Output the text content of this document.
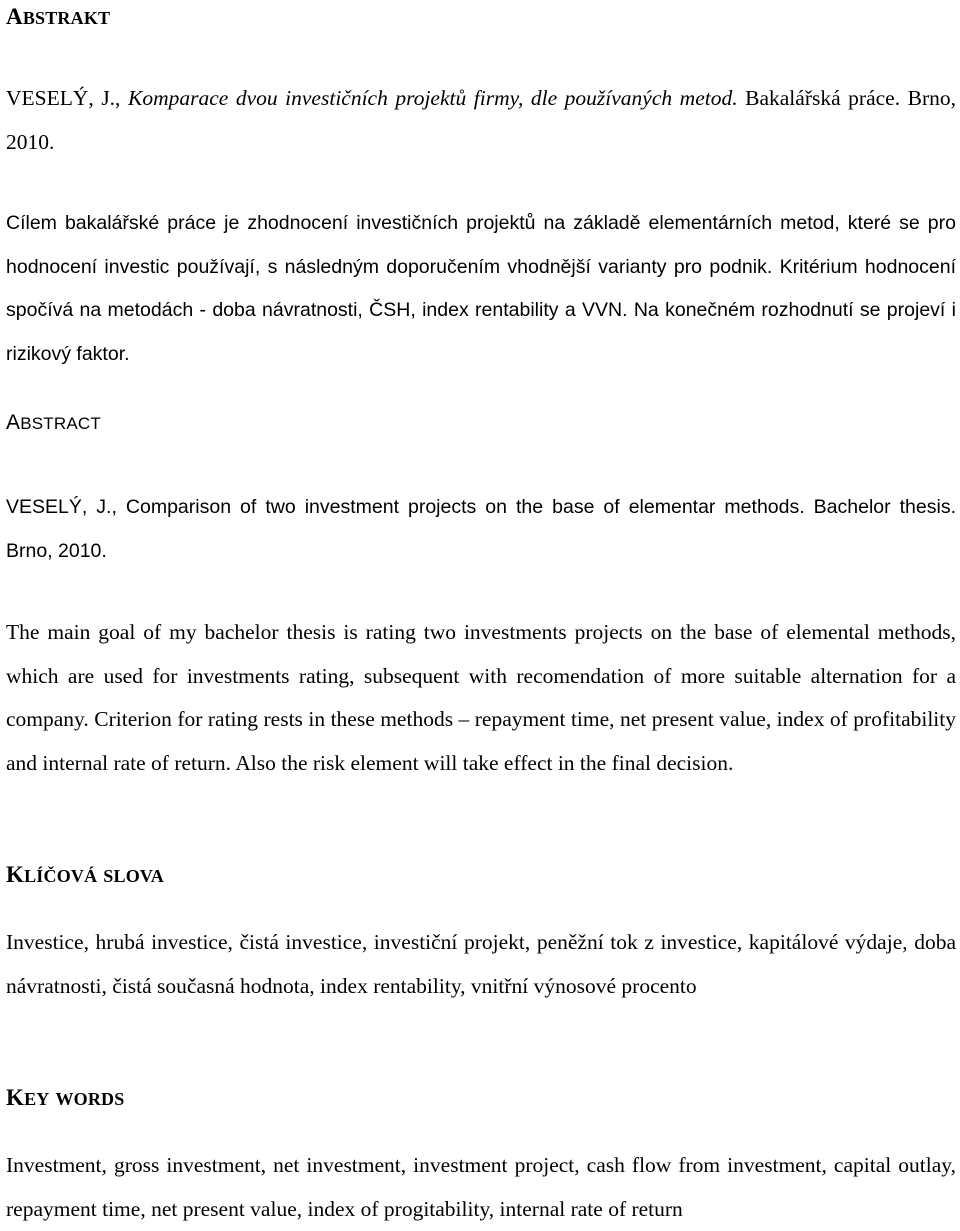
ABSTRAKT

VESELÝ, J., Komparace dvou investičních projektů firmy, dle používaných metod. Bakalářská práce. Brno, 2010.

Cílem bakalářské práce je zhodnocení investičních projektů na základě elementárních metod, které se pro hodnocení investic používají, s následným doporučením vhodnější varianty pro podnik. Kritérium hodnocení spočívá na metodách - doba návratnosti, ČSH, index rentability a VVN. Na konečném rozhodnutí se projeví i rizikový faktor.

ABSTRACT

VESELÝ, J., Comparison of two investment projects on the base of elementar methods. Bachelor thesis. Brno, 2010.

The main goal of my bachelor thesis is rating two investments projects on the base of elemental methods, which are used for investments rating, subsequent with recomendation of more suitable alternation for a company. Criterion for rating rests in these methods – repayment time, net present value, index of profitability and internal rate of return. Also the risk element will take effect in the final decision.

KLÍČOVÁ SLOVA

Investice, hrubá investice, čistá investice, investiční projekt, peněžní tok z investice, kapitálové výdaje, doba návratnosti, čistá současná hodnota, index rentability, vnitřní výnosové procento

KEY WORDS

Investment, gross investment, net investment, investment project, cash flow from investment, capital outlay, repayment time, net present value, index of progitability, internal rate of return
